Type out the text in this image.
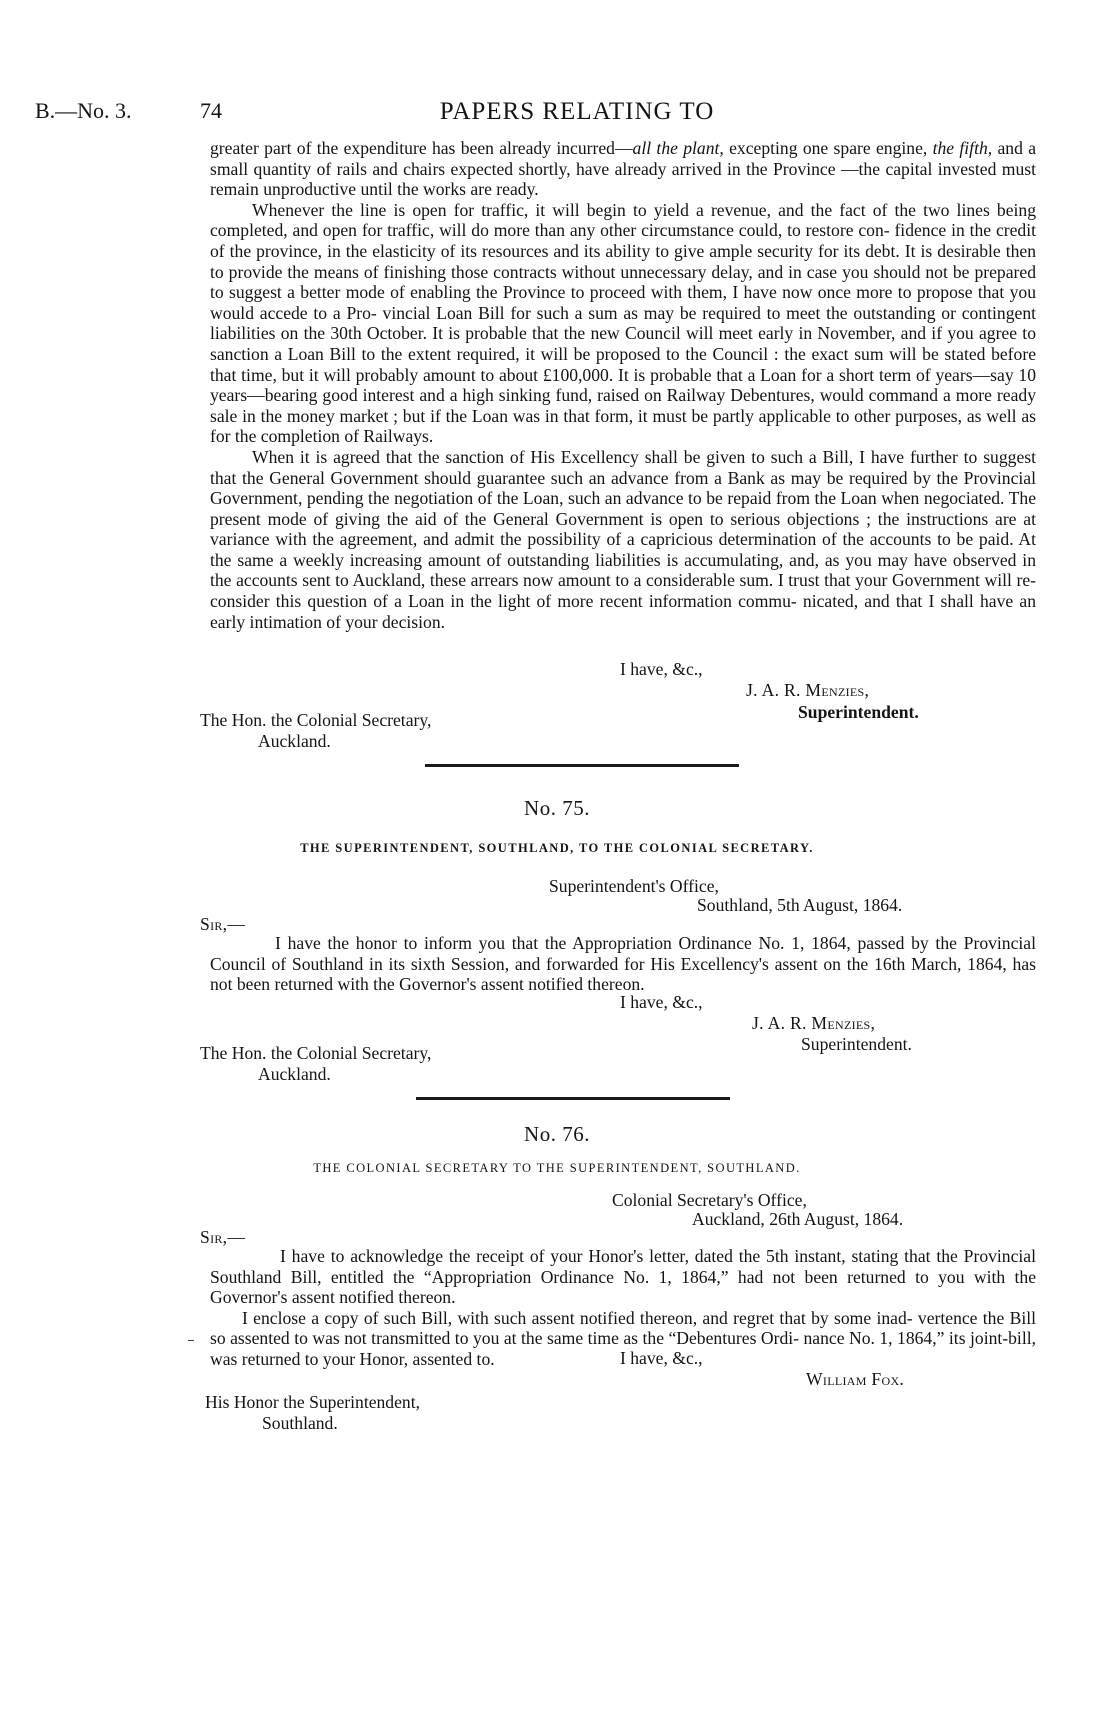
B.—No. 3.	74	PAPERS RELATING TO

greater part of the expenditure has been already incurred—all the plant, excepting one spare engine, the fifth, and a small quantity of rails and chairs expected shortly, have already arrived in the Province —the capital invested must remain unproductive until the works are ready.

Whenever the line is open for traffic, it will begin to yield a revenue, and the fact of the two lines being completed, and open for traffic, will do more than any other circumstance could, to restore con- fidence in the credit of the province, in the elasticity of its resources and its ability to give ample security for its debt. It is desirable then to provide the means of finishing those contracts without unnecessary delay, and in case you should not be prepared to suggest a better mode of enabling the Province to proceed with them, I have now once more to propose that you would accede to a Pro- vincial Loan Bill for such a sum as may be required to meet the outstanding or contingent liabilities on the 30th October. It is probable that the new Council will meet early in November, and if you agree to sanction a Loan Bill to the extent required, it will be proposed to the Council : the exact sum will be stated before that time, but it will probably amount to about £100,000. It is probable that a Loan for a short term of years—say 10 years—bearing good interest and a high sinking fund, raised on Railway Debentures, would command a more ready sale in the money market ; but if the Loan was in that form, it must be partly applicable to other purposes, as well as for the completion of Railways.

When it is agreed that the sanction of His Excellency shall be given to such a Bill, I have further to suggest that the General Government should guarantee such an advance from a Bank as may be required by the Provincial Government, pending the negotiation of the Loan, such an advance to be repaid from the Loan when negociated. The present mode of giving the aid of the General Government is open to serious objections ; the instructions are at variance with the agreement, and admit the possibility of a capricious determination of the accounts to be paid. At the same a weekly increasing amount of outstanding liabilities is accumulating, and, as you may have observed in the accounts sent to Auckland, these arrears now amount to a considerable sum. I trust that your Government will re-consider this question of a Loan in the light of more recent information commu- nicated, and that I shall have an early intimation of your decision.

I have, &c.,
J. A. R. Menzies,
Superintendent.
The Hon. the Colonial Secretary,
Auckland.
No. 75.
THE SUPERINTENDENT, SOUTHLAND, TO THE COLONIAL SECRETARY.
Superintendent's Office,
Southland, 5th August, 1864.
Sir,—

I have the honor to inform you that the Appropriation Ordinance No. 1, 1864, passed by the Provincial Council of Southland in its sixth Session, and forwarded for His Excellency's assent on the 16th March, 1864, has not been returned with the Governor's assent notified thereon.

I have, &c.,
J. A. R. Menzies,
Superintendent.
The Hon. the Colonial Secretary,
Auckland.
No. 76.
THE COLONIAL SECRETARY TO THE SUPERINTENDENT, SOUTHLAND.
Colonial Secretary's Office,
Auckland, 26th August, 1864.
Sir,—

I have to acknowledge the receipt of your Honor's letter, dated the 5th instant, stating that the Provincial Southland Bill, entitled the “Appropriation Ordinance No. 1, 1864,” had not been returned to you with the Governor's assent notified thereon.

I enclose a copy of such Bill, with such assent notified thereon, and regret that by some inad- vertence the Bill so assented to was not transmitted to you at the same time as the “Debentures Ordi- nance No. 1, 1864,” its joint-bill, was returned to your Honor, assented to.	I have, &c.,
William Fox.
His Honor the Superintendent,
Southland.
